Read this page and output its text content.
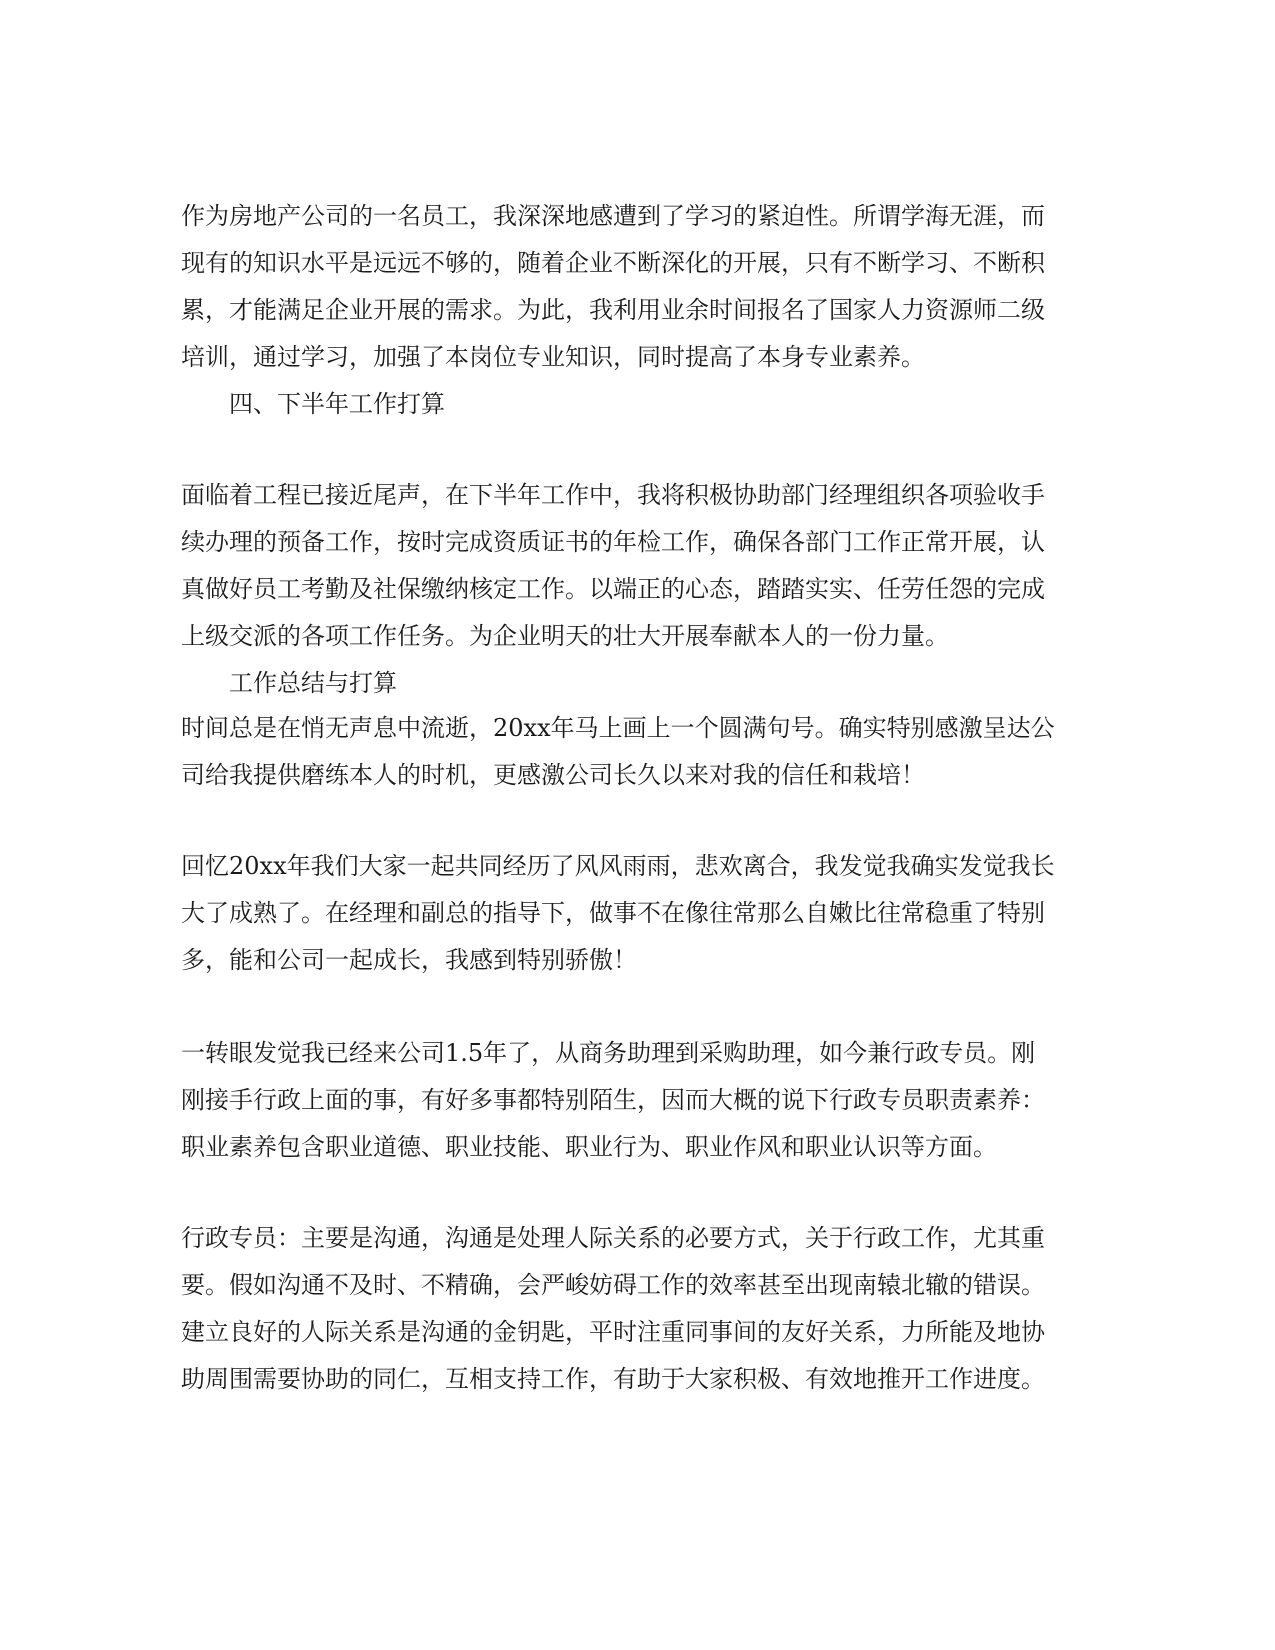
作为房地产公司的一名员工，我深深地感遭到了学习的紧迫性。所谓学海无涯，而
现有的知识水平是远远不够的，随着企业不断深化的开展，只有不断学习、不断积
累，才能满足企业开展的需求。为此，我利用业余时间报名了国家人力资源师二级
培训，通过学习，加强了本岗位专业知识，同时提高了本身专业素养。
四、下半年工作打算
面临着工程已接近尾声，在下半年工作中，我将积极协助部门经理组织各项验收手
续办理的预备工作，按时完成资质证书的年检工作，确保各部门工作正常开展，认
真做好员工考勤及社保缴纳核定工作。以端正的心态，踏踏实实、任劳任怨的完成
上级交派的各项工作任务。为企业明天的壮大开展奉献本人的一份力量。
工作总结与打算
时间总是在悄无声息中流逝，20xx年马上画上一个圆满句号。确实特别感激呈达公
司给我提供磨练本人的时机，更感激公司长久以来对我的信任和栽培！
回忆20xx年我们大家一起共同经历了风风雨雨，悲欢离合，我发觉我确实发觉我长
大了成熟了。在经理和副总的指导下，做事不在像往常那么自嫩比往常稳重了特别
多，能和公司一起成长，我感到特别骄傲！
一转眼发觉我已经来公司1.5年了，从商务助理到采购助理，如今兼行政专员。刚
刚接手行政上面的事，有好多事都特别陌生，因而大概的说下行政专员职责素养：
职业素养包含职业道德、职业技能、职业行为、职业作风和职业认识等方面。
行政专员：主要是沟通，沟通是处理人际关系的必要方式，关于行政工作，尤其重
要。假如沟通不及时、不精确，会严峻妨碍工作的效率甚至出现南辕北辙的错误。
建立良好的人际关系是沟通的金钥匙，平时注重同事间的友好关系，力所能及地协
助周围需要协助的同仁，互相支持工作，有助于大家积极、有效地推开工作进度。
